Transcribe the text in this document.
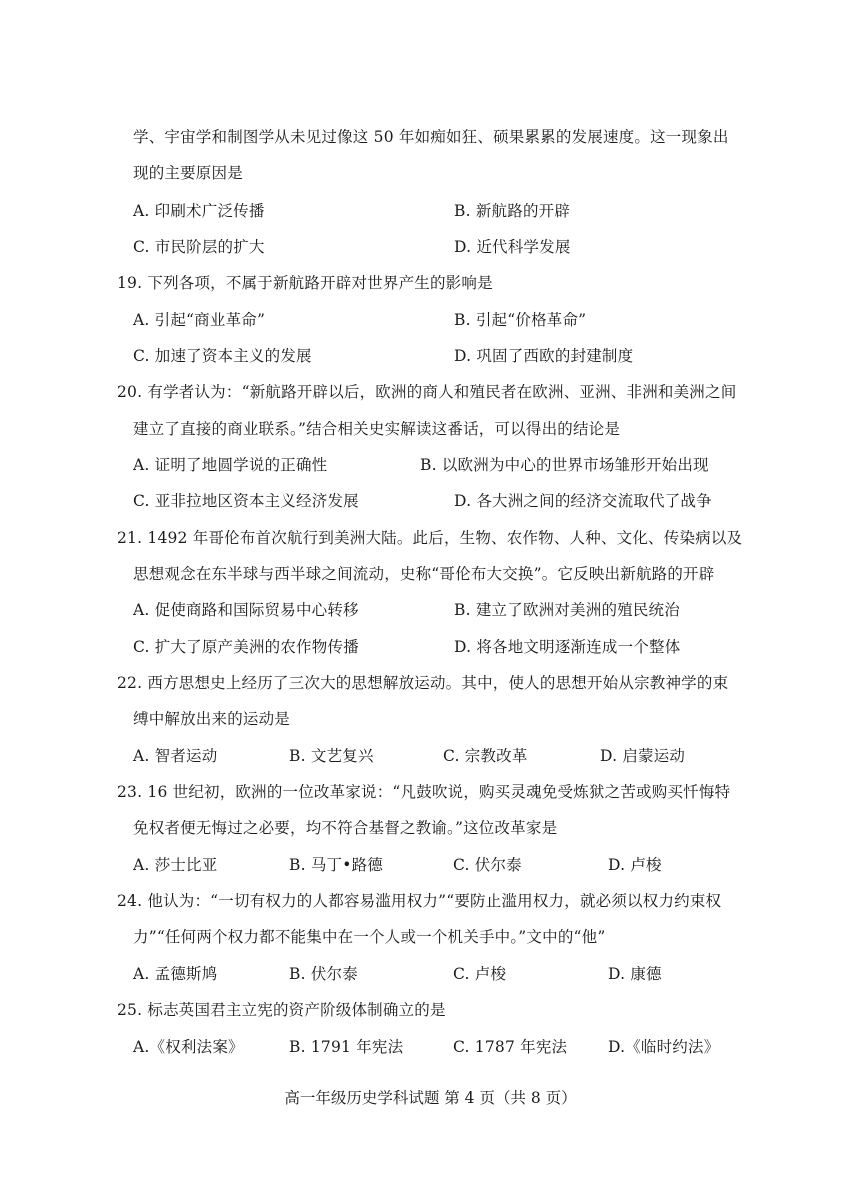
学、宇宙学和制图学从未见过像这 50 年如痴如狂、硕果累累的发展速度。这一现象出
现的主要原因是
A. 印刷术广泛传播	B. 新航路的开辟
C. 市民阶层的扩大	D. 近代科学发展
19. 下列各项，不属于新航路开辟对世界产生的影响是
A. 引起“商业革命”	B. 引起“价格革命”
C. 加速了资本主义的发展	D. 巩固了西欧的封建制度
20. 有学者认为：“新航路开辟以后，欧洲的商人和殖民者在欧洲、亚洲、非洲和美洲之间
建立了直接的商业联系。”结合相关史实解读这番话，可以得出的结论是
A. 证明了地圆学说的正确性	B. 以欧洲为中心的世界市场雏形开始出现
C. 亚非拉地区资本主义经济发展	D. 各大洲之间的经济交流取代了战争
21. 1492 年哥伦布首次航行到美洲大陆。此后，生物、农作物、人种、文化、传染病以及
思想观念在东半球与西半球之间流动，史称“哥伦布大交换”。它反映出新航路的开辟
A. 促使商路和国际贸易中心转移	B. 建立了欧洲对美洲的殖民统治
C. 扩大了原产美洲的农作物传播	D. 将各地文明逐渐连成一个整体
22. 西方思想史上经历了三次大的思想解放运动。其中，使人的思想开始从宗教神学的束
缚中解放出来的运动是
A. 智者运动	B. 文艺复兴	C. 宗教改革	D. 启蒙运动
23. 16 世纪初，欧洲的一位改革家说：“凡鼓吹说，购买灵魂免受炼狱之苦或购买忏悔特
免权者便无悔过之必要，均不符合基督之教谕。”这位改革家是
A. 莎士比亚	B. 马丁•路德	C. 伏尔泰	D. 卢梭
24. 他认为：“一切有权力的人都容易滥用权力”“要防止滥用权力，就必须以权力约束权
力”“任何两个权力都不能集中在一个人或一个机关手中。”文中的“他”
A. 孟德斯鸠	B. 伏尔泰	C. 卢梭	D. 康德
25. 标志英国君主立宪的资产阶级体制确立的是
A.《权利法案》	B. 1791 年宪法	C. 1787 年宪法	D.《临时约法》
高一年级历史学科试题 第 4 页（共 8 页）
